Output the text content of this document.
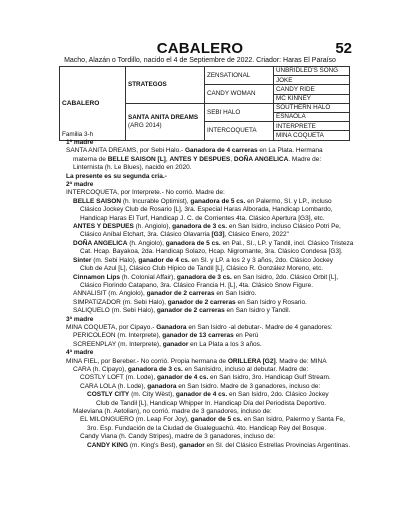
CABALERO	52
Macho, Alazán o Tordillo, nacido el 4 de Septiembre de 2022. Criador: Haras El Paraíso
CABALERO
Familia 3-h	STRATEGOS	ZENSATIONAL	UNBRIDLED'S SONG
			JOKE
		CANDY WOMAN	CANDY RIDE
			MC KINNEY

	SANTA ANITA DREAMS
(ARG 2014)	SEBI HALO	SOUTHERN HALO
			ESNAOLA
		INTERCOQUETA	INTERPRETE
			MINA COQUETA

1ª madre

SANTA ANITA DREAMS, por Sebi Halo.- Ganadora de 4 carreras en La Plata. Hermana

materna de BELLE SAISON [L], ANTES Y DESPUES, DOÑA ANGELICA. Madre de:

Linternista (h. Le Blues), nacido en 2020.

La presente es su segunda cría.-

2ª madre

INTERCOQUETA, por Interprete.- No corrió. Madre de:

BELLE SAISON (h. Incurable Optimist), ganadora de 5 cs. en Palermo, SI. y LP., incluso

Clásico Jockey Club de Rosario [L], 3ra. Especial Haras Alborada, Handicap Lombardo,

Handicap Haras El Turf, Handicap J. C. de Corrientes 4ta. Clásico Apertura [G3], etc.

ANTES Y DESPUES (h. Angiolo), ganadora de 3 cs. en San Isidro, incluso Clásico Potri Pe,

Clásico Aníbal Etchart, 3ra. Clásico Olavarria [G3], Clásico Enero, 2022"

DOÑA ANGELICA (h. Angiolo), ganadora de 5 cs. en Pal., SI., LP. y Tandil, incl. Clásico Tristeza

Cat. Hcap. Bayakoa, 2da. Handicap Solazo, Hcap. Nigromante, 3ra. Clásico Condesa [G3].

Sinter (m. Sebi Halo), ganador de 4 cs. en SI. y LP. a los 2 y 3 años, 2do. Clásico Jockey

Club de Azul [L], Clásico Club Hípico de Tandil [L], Clásico R. González Moreno, etc.

Cinnamon Lips (h. Colonial Affair), ganadora de 3 cs. en San Isidro, 2do. Clásico Orbit [L],

Clásico Florindo Catapano, 3ra. Clásico Francia H. [L], 4ta. Clásico Snow Figure.

ANNALISIT (m. Angiolo), ganador de 2 carreras en San Isidro.

SIMPATIZADOR (m. Sebi Halo), ganador de 2 carreras en San Isidro y Rosario.

SALIQUELO (m. Sebi Halo), ganador de 2 carreras en San Isidro y Tandil.

3ª madre

MINA COQUETA, por Cipayo.- Ganadora en San Isidro -al debutar-. Madre de 4 ganadores:

PERICOLEON (m. Interprete), ganador de 13 carreras en Perú

SCREENPLAY (m. Interprete), ganador en La Plata a los 3 años.

4ª madre

MINA FIEL, por Bereber.- No corrió. Propia hermana de ORILLERA [G2]. Madre de: MINA

CARA (h. Cipayo), ganadora de 3 cs. en SanIsidro, incluso al debutar. Madre de:

COSTLY LOFT (m. Lode), ganador de 4 cs. en San Isidro, 3ro. Handicap Gulf Stream.

CARA LOLA (h. Lode), ganadora en San Isidro. Madre de 3 ganadores, incluso de:

COSTLY CITY (m. City Wèst), ganador de 4 cs. en San Isidro, 2do. Clásico Jockey

Club de Tandil [L], Handicap Whipper In. Handicap Día del Periodista Deportivo.

Maleviana (h. Aetolian), no corrió. madre de 3 ganadores, incluso de:

EL MILONGUERO (m. Leap For Joy), ganador de 5 cs. en San Isidro, Palermo y Santa Fe,

3ro. Esp. Fundación de la Ciudad de Gualeguachú. 4to. Handicap Rey del Bosque.

Candy Viana (h. Candy Stripes), madre de 3 ganadores, incluso de:

CANDY KING (m. King's Best), ganador en SI. del Clásico Estrellas Provincias Argentinas.
